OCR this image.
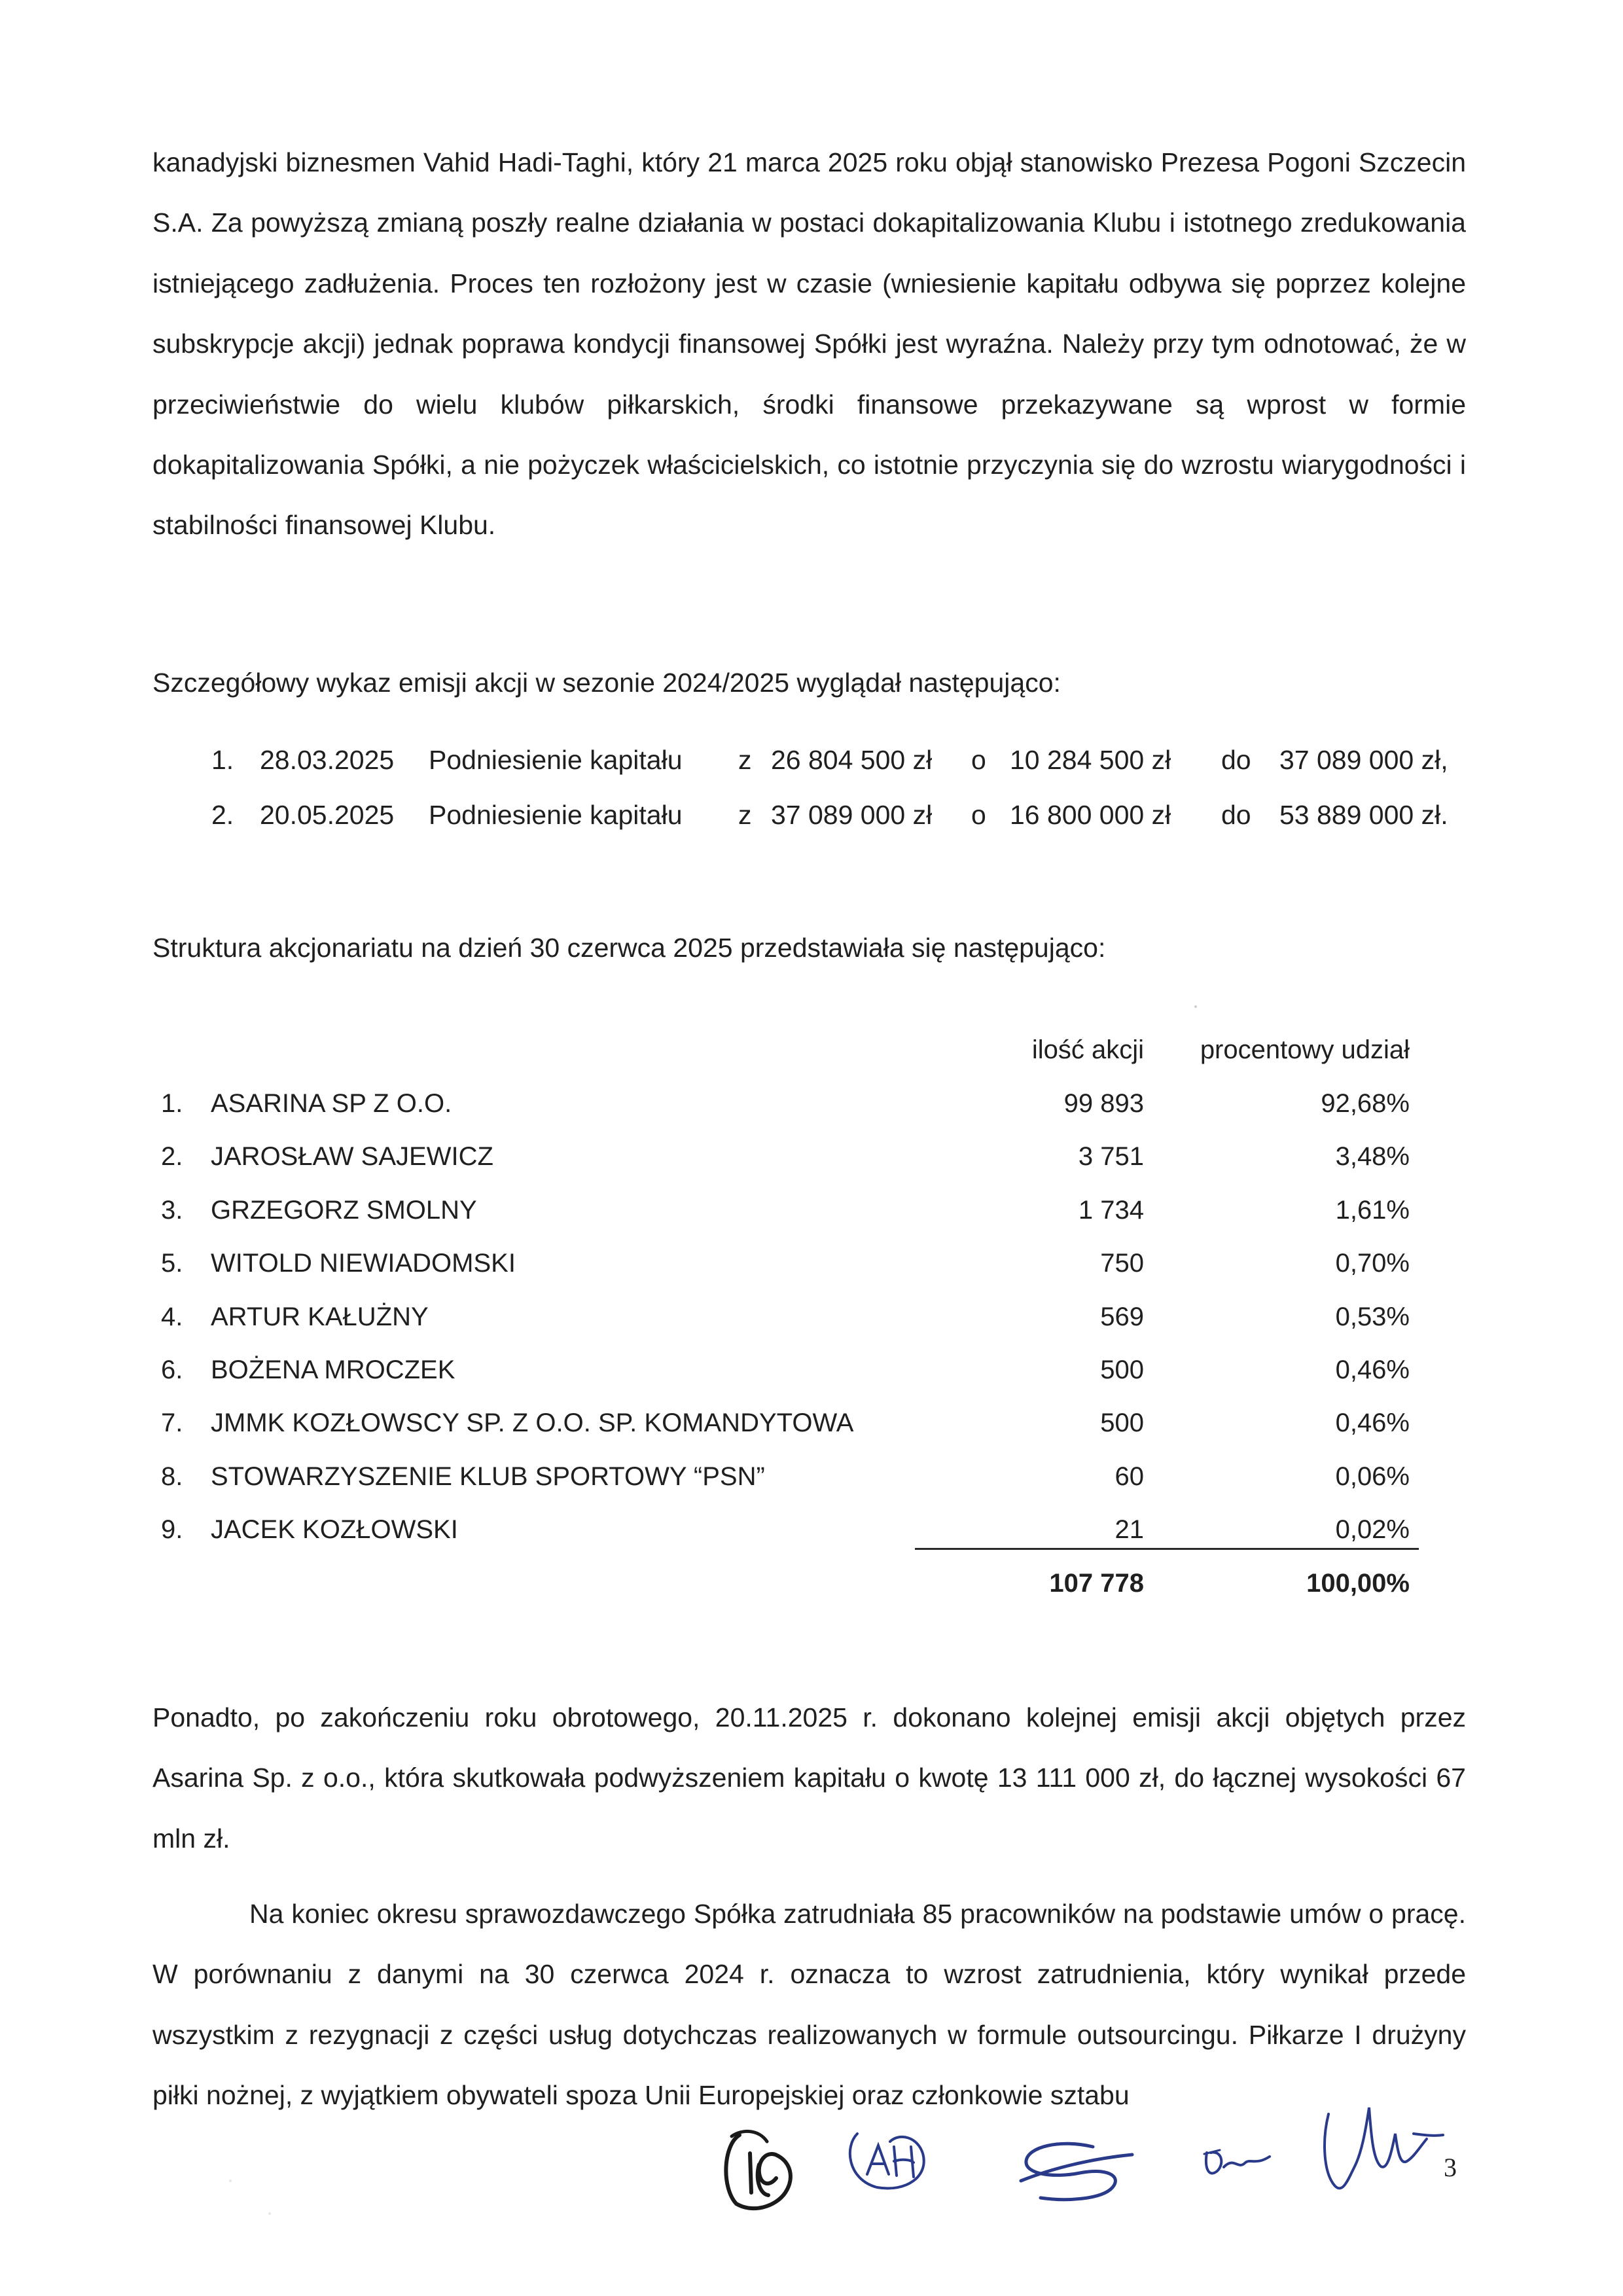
kanadyjski biznesmen Vahid Hadi-Taghi, który 21 marca 2025 roku objął stanowisko Prezesa Pogoni Szczecin S.A. Za powyższą zmianą poszły realne działania w postaci dokapitalizowania Klubu i istotnego zredukowania istniejącego zadłużenia. Proces ten rozłożony jest w czasie (wniesienie kapitału odbywa się poprzez kolejne subskrypcje akcji) jednak poprawa kondycji finansowej Spółki jest wyraźna. Należy przy tym odnotować, że w przeciwieństwie do wielu klubów piłkarskich, środki finansowe przekazywane są wprost w formie dokapitalizowania Spółki, a nie pożyczek właścicielskich, co istotnie przyczynia się do wzrostu wiarygodności i stabilności finansowej Klubu.

Szczegółowy wykaz emisji akcji w sezonie 2024/2025 wyglądał następująco:

1. 28.03.2025 Podniesienie kapitału z 26 804 500 zł o 10 284 500 zł do 37 089 000 zł,
2. 20.05.2025 Podniesienie kapitału z 37 089 000 zł o 16 800 000 zł do 53 889 000 zł.

Struktura akcjonariatu na dzień 30 czerwca 2025 przedstawiała się następująco:

ilość akcji procentowy udział
1. ASARINA SP Z O.O.	99 893	92,68%
2. JAROSŁAW SAJEWICZ	3 751	3,48%
3. GRZEGORZ SMOLNY	1 734	1,61%
5. WITOLD NIEWIADOMSKI	750	0,70%
4. ARTUR KAŁUŻNY	569	0,53%
6. BOŻENA MROCZEK	500	0,46%
7. JMMK KOZŁOWSCY SP. Z O.O. SP. KOMANDYTOWA	500	0,46%
8. STOWARZYSZENIE KLUB SPORTOWY “PSN”	60	0,06%
9. JACEK KOZŁOWSKI	21	0,02%
107 778	100,00%

Ponadto, po zakończeniu roku obrotowego, 20.11.2025 r. dokonano kolejnej emisji akcji objętych przez Asarina Sp. z o.o., która skutkowała podwyższeniem kapitału o kwotę 13 111 000 zł, do łącznej wysokości 67 mln zł.

Na koniec okresu sprawozdawczego Spółka zatrudniała 85 pracowników na podstawie umów o pracę. W porównaniu z danymi na 30 czerwca 2024 r. oznacza to wzrost zatrudnienia, który wynikał przede wszystkim z rezygnacji z części usług dotychczas realizowanych w formule outsourcingu. Piłkarze I drużyny piłki nożnej, z wyjątkiem obywateli spoza Unii Europejskiej oraz członkowie sztabu

3
